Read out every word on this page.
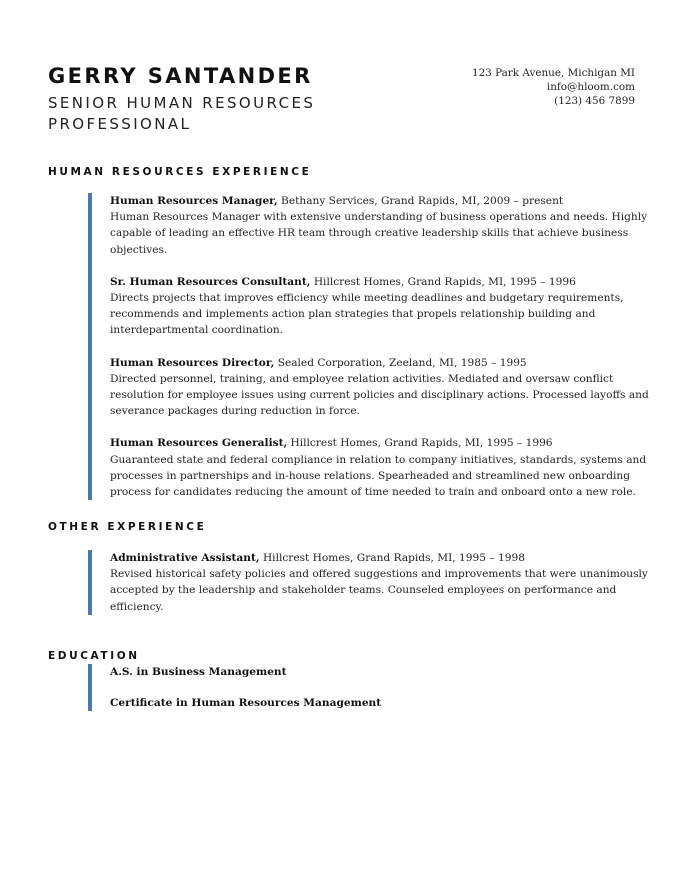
GERRY SANTANDER
SENIOR HUMAN RESOURCES PROFESSIONAL
123 Park Avenue, Michigan MI
info@hloom.com
(123) 456 7899
HUMAN RESOURCES EXPERIENCE
Human Resources Manager, Bethany Services, Grand Rapids, MI, 2009 – present
Human Resources Manager with extensive understanding of business operations and needs. Highly capable of leading an effective HR team through creative leadership skills that achieve business objectives.
Sr. Human Resources Consultant, Hillcrest Homes, Grand Rapids, MI, 1995 – 1996
Directs projects that improves efficiency while meeting deadlines and budgetary requirements, recommends and implements action plan strategies that propels relationship building and interdepartmental coordination.
Human Resources Director, Sealed Corporation, Zeeland, MI, 1985 – 1995
Directed personnel, training, and employee relation activities. Mediated and oversaw conflict resolution for employee issues using current policies and disciplinary actions. Processed layoffs and severance packages during reduction in force.
Human Resources Generalist, Hillcrest Homes, Grand Rapids, MI, 1995 – 1996
Guaranteed state and federal compliance in relation to company initiatives, standards, systems and processes in partnerships and in-house relations. Spearheaded and streamlined new onboarding process for candidates reducing the amount of time needed to train and onboard onto a new role.
OTHER EXPERIENCE
Administrative Assistant, Hillcrest Homes, Grand Rapids, MI, 1995 – 1998
Revised historical safety policies and offered suggestions and improvements that were unanimously accepted by the leadership and stakeholder teams. Counseled employees on performance and efficiency.
EDUCATION
A.S. in Business Management
Certificate in Human Resources Management
